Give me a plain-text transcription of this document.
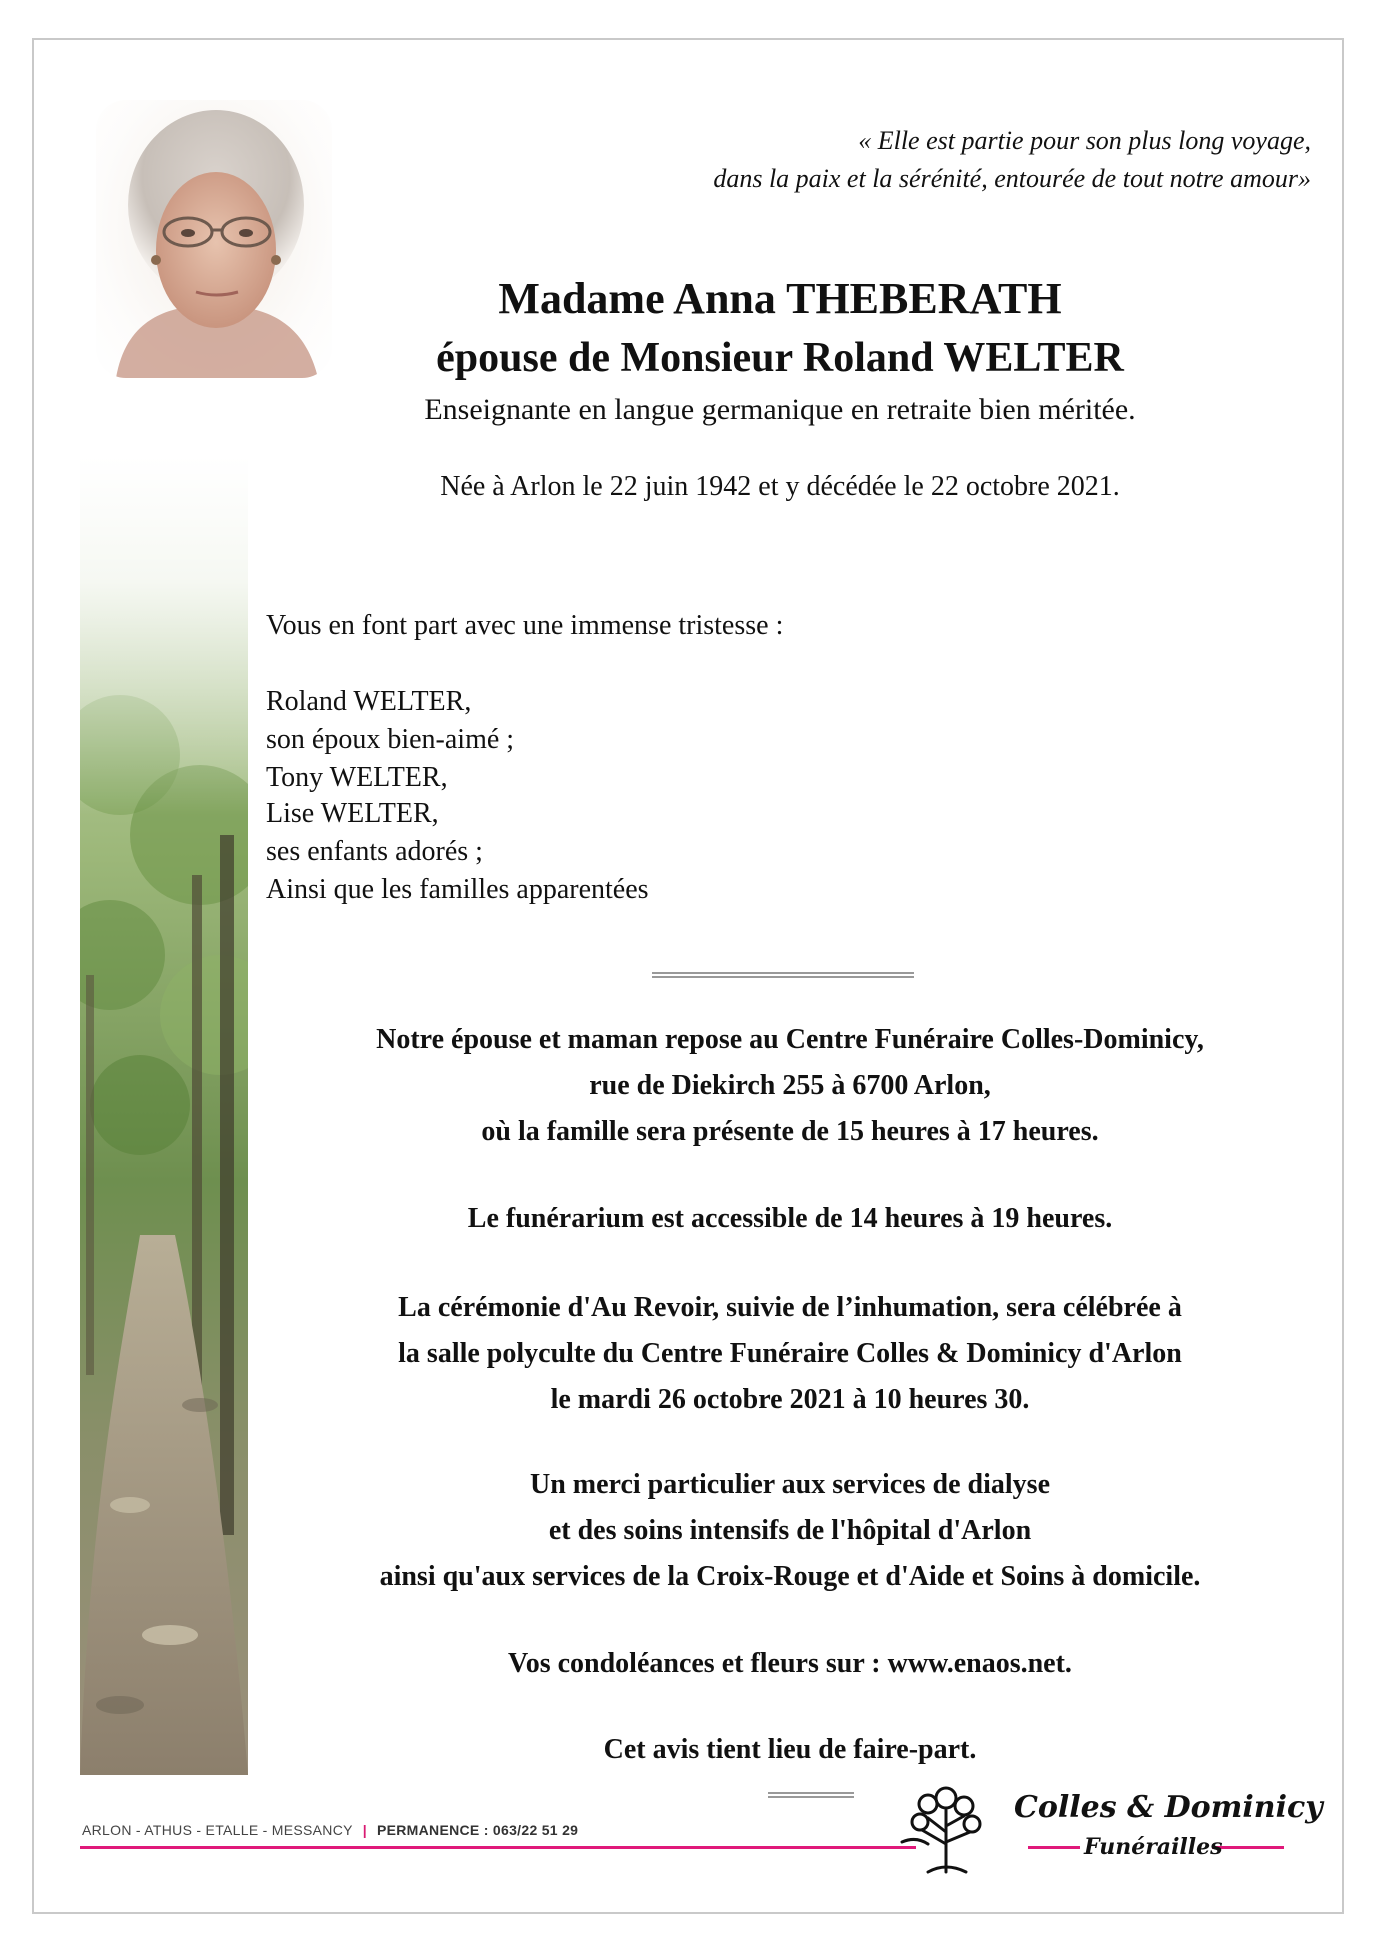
« Elle est partie pour son plus long voyage,
dans la paix et la sérénité, entourée de tout notre amour»
Madame Anna THEBERATH
épouse de Monsieur Roland WELTER
Enseignante en langue germanique en retraite bien méritée.
Née à Arlon le 22 juin 1942 et y décédée le 22 octobre 2021.
Vous en font part avec une immense tristesse :
Roland WELTER,
son époux bien-aimé ;
Tony WELTER,
Lise WELTER,
ses enfants adorés ;
Ainsi que les familles apparentées

Notre épouse et maman repose au Centre Funéraire Colles-Dominicy,

rue de Diekirch 255 à 6700 Arlon,

où la famille sera présente de 15 heures à 17 heures.

Le funérarium est accessible de 14 heures à 19 heures.

La cérémonie d'Au Revoir, suivie de l’inhumation, sera célébrée à

la salle polyculte du Centre Funéraire Colles & Dominicy d'Arlon

le mardi 26 octobre 2021 à 10 heures 30.

Un merci particulier aux services de dialyse

et des soins intensifs de l'hôpital d'Arlon

ainsi qu'aux services de la Croix-Rouge et d'Aide et Soins à domicile.

Vos condoléances et fleurs sur : www.enaos.net.

Cet avis tient lieu de faire-part.

ARLON - ATHUS - ETALLE - MESSANCY | PERMANENCE : 063/22 51 29
Colles & Dominicy
Funérailles
